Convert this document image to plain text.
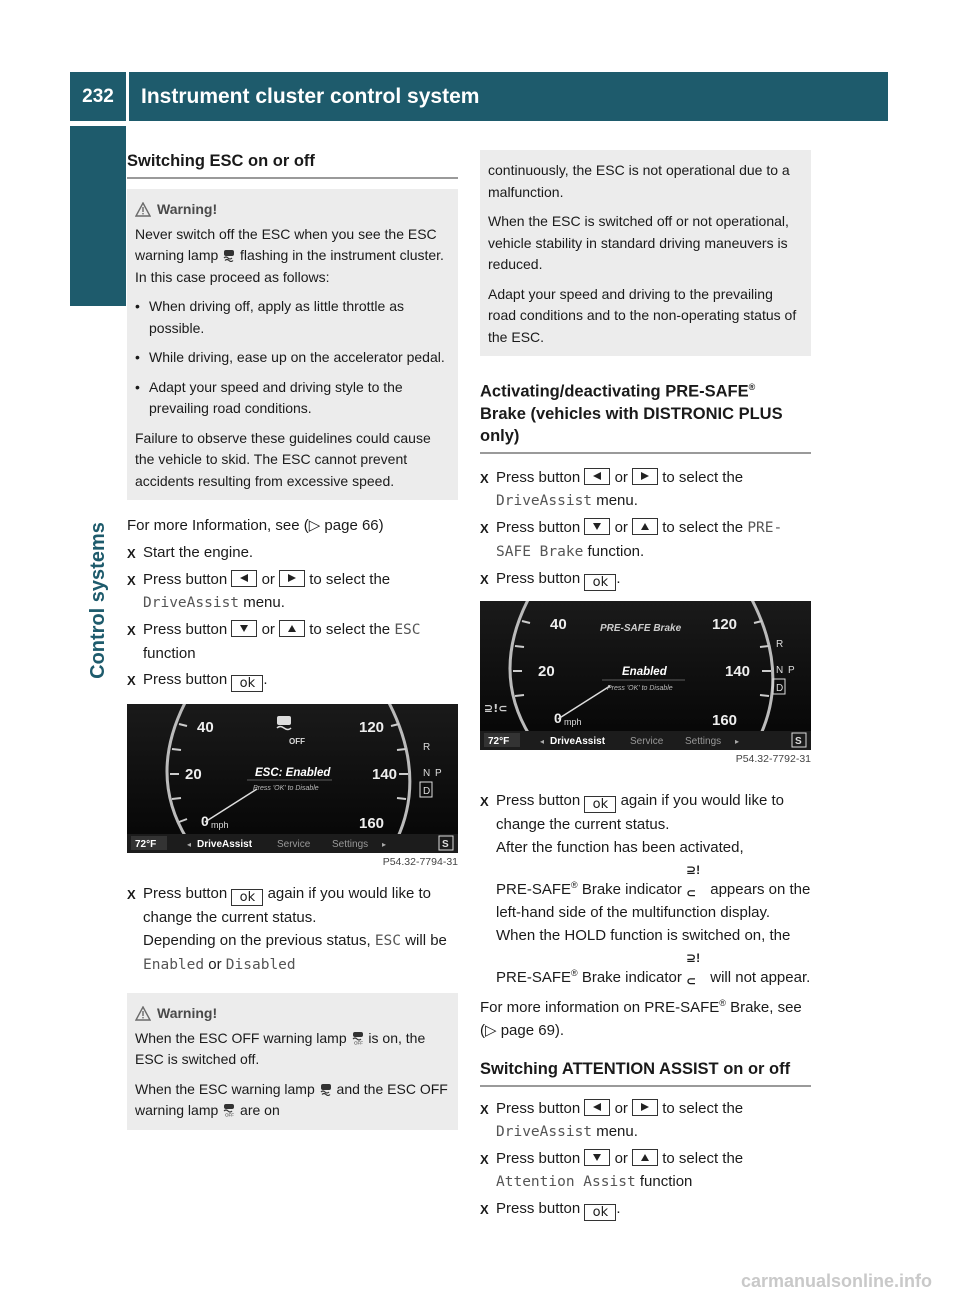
232	Instrument cluster control system
Control systems
Switching ESC on or off
Warning!

Never switch off the ESC when you see the ESC warning lamp flashing in the instrument cluster. In this case proceed as follows:

• When driving off, apply as little throttle as possible.
• While driving, ease up on the accelerator pedal.
• Adapt your speed and driving style to the prevailing road conditions.

Failure to observe these guidelines could cause the vehicle to skid. The ESC cannot prevent accidents resulting from excessive speed.

For more Information, see (▷ page 66)
X Start the engine.
X Press button or to select the DriveAssist menu.
X Press button or to select the ESC function
X Press button ok .
40
20
0 mph
120
140
160
OFF
ESC: Enabled
Press 'OK' to Disable
R
N P
D
72°F	◂ DriveAssist Service Settings ▸	S
P54.32-7794-31
X Press button ok again if you would like to change the current status.
Depending on the previous status, ESC will be Enabled or Disabled
Warning!

When the ESC OFF warning lamp OFF is on, the ESC is switched off.

When the ESC warning lamp and the ESC OFF warning lamp OFF are on

continuously, the ESC is not operational due to a malfunction.

When the ESC is switched off or not operational, vehicle stability in standard driving maneuvers is reduced.

Adapt your speed and driving to the prevailing road conditions and to the non-operating status of the ESC.

Activating/deactivating PRE-SAFE®
Brake (vehicles with DISTRONIC PLUS only)
X Press button or to select the DriveAssist menu.
X Press button or to select the PRE-SAFE Brake function.
X Press button ok .
40
20
0 mph
120
140
160
PRE-SAFE Brake
Enabled
Press 'OK' to Disable
⊇!⊂
R
N P
D
72°F	◂ DriveAssist Service Settings ▸	S
P54.32-7792-31
X Press button ok again if you would like to change the current status.
After the function has been activated,
PRE-SAFE® Brake indicator ⊇!⊂ appears on the left-hand side of the multifunction display. When the HOLD function is switched on, the PRE-SAFE® Brake indicator ⊇!⊂ will not appear.
For more information on PRE-SAFE® Brake, see (▷ page 69).
Switching ATTENTION ASSIST on or off
X Press button or to select the DriveAssist menu.
X Press button or to select the Attention Assist function
X Press button ok .
carmanualsonline.info
